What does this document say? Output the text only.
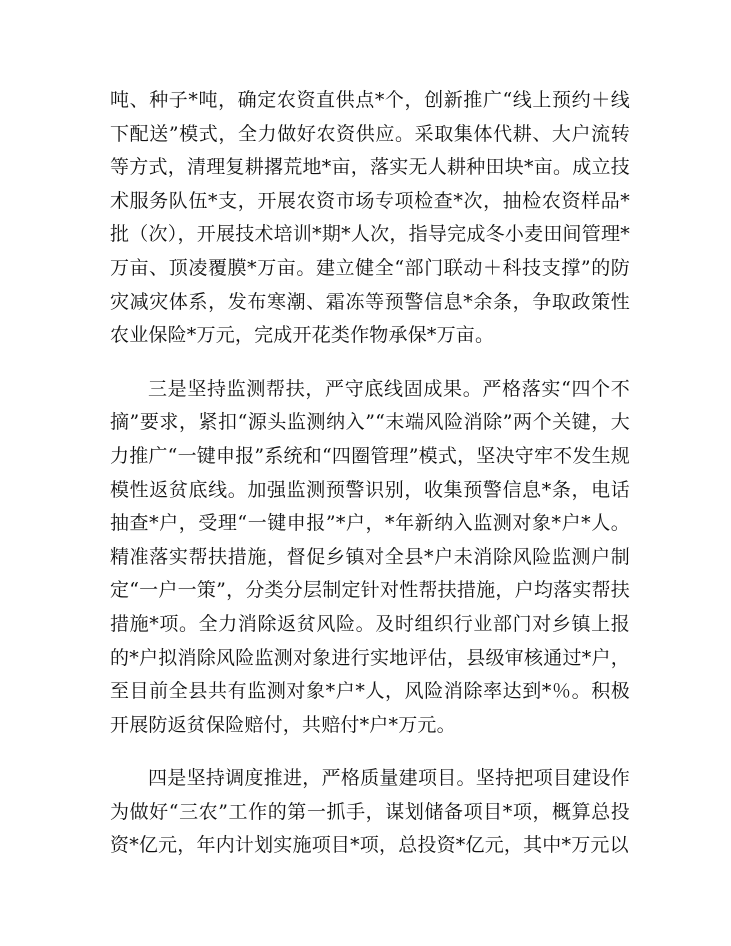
吨、种子*吨，确定农资直供点*个，创新推广“线上预约＋线下配送”模式，全力做好农资供应。采取集体代耕、大户流转等方式，清理复耕撂荒地*亩，落实无人耕种田块*亩。成立技术服务队伍*支，开展农资市场专项检查*次，抽检农资样品*批（次），开展技术培训*期*人次，指导完成冬小麦田间管理*万亩、顶凌覆膜*万亩。建立健全“部门联动＋科技支撑”的防灾减灾体系，发布寒潮、霜冻等预警信息*余条，争取政策性农业保险*万元，完成开花类作物承保*万亩。

三是坚持监测帮扶，严守底线固成果。严格落实“四个不摘”要求，紧扣“源头监测纳入”“末端风险消除”两个关键，大力推广“一键申报”系统和“四圈管理”模式，坚决守牢不发生规模性返贫底线。加强监测预警识别，收集预警信息*条，电话抽查*户，受理“一键申报”*户，*年新纳入监测对象*户*人。精准落实帮扶措施，督促乡镇对全县*户未消除风险监测户制定“一户一策”，分类分层制定针对性帮扶措施，户均落实帮扶措施*项。全力消除返贫风险。及时组织行业部门对乡镇上报的*户拟消除风险监测对象进行实地评估，县级审核通过*户，至目前全县共有监测对象*户*人，风险消除率达到*％。积极开展防返贫保险赔付，共赔付*户*万元。

四是坚持调度推进，严格质量建项目。坚持把项目建设作为做好“三农”工作的第一抓手，谋划储备项目*项，概算总投资*亿元，年内计划实施项目*项，总投资*亿元，其中*万元以
